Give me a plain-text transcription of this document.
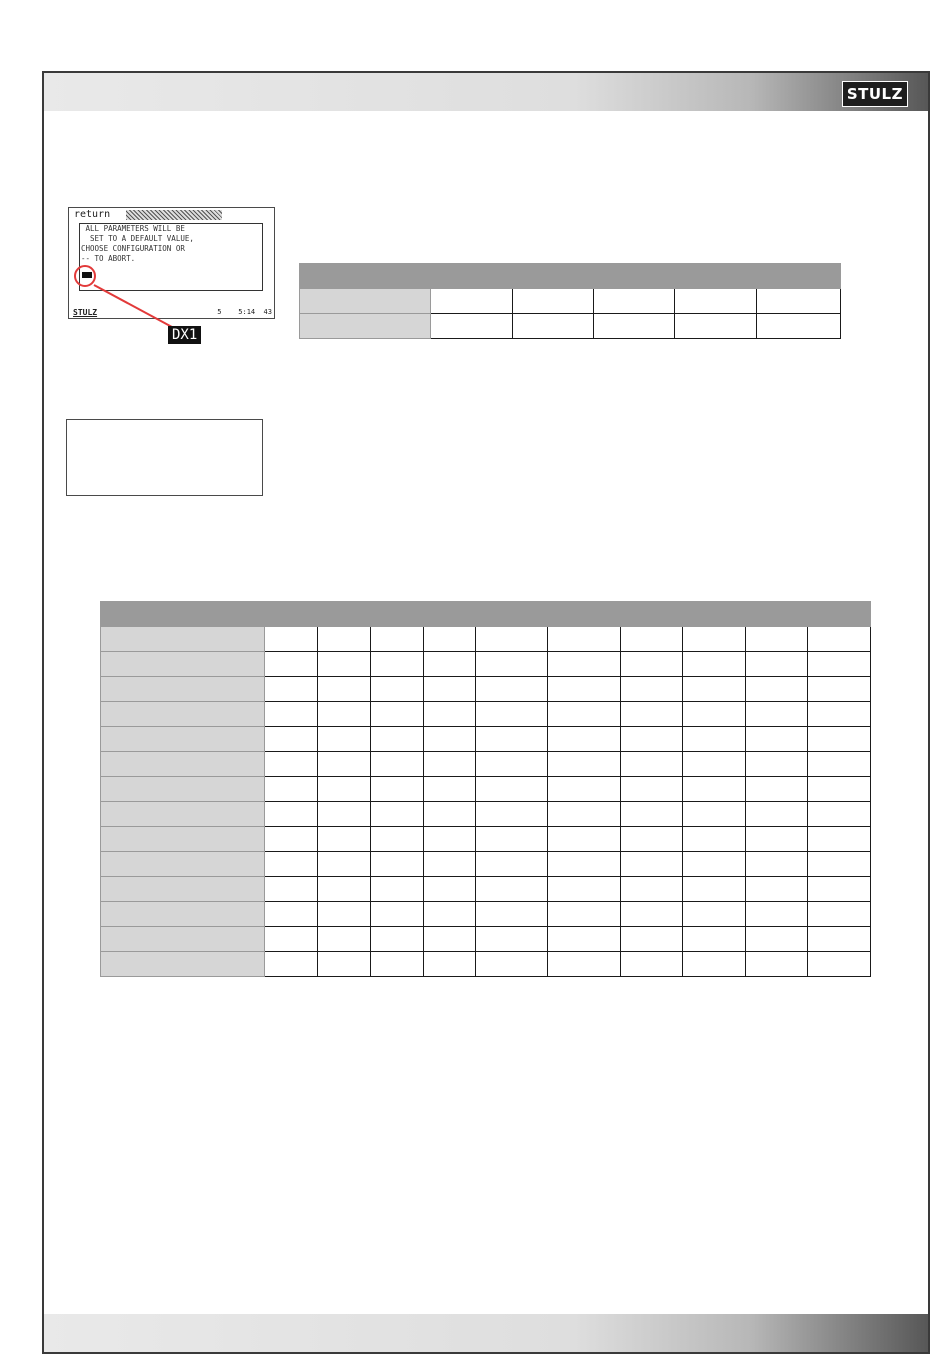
STULZ
return
ALL PARAMETERS WILL BE
SET TO A DEFAULT VALUE,
CHOOSE CONFIGURATION OR
-- TO ABORT.
STULZ	5    5:14  43
DX1
